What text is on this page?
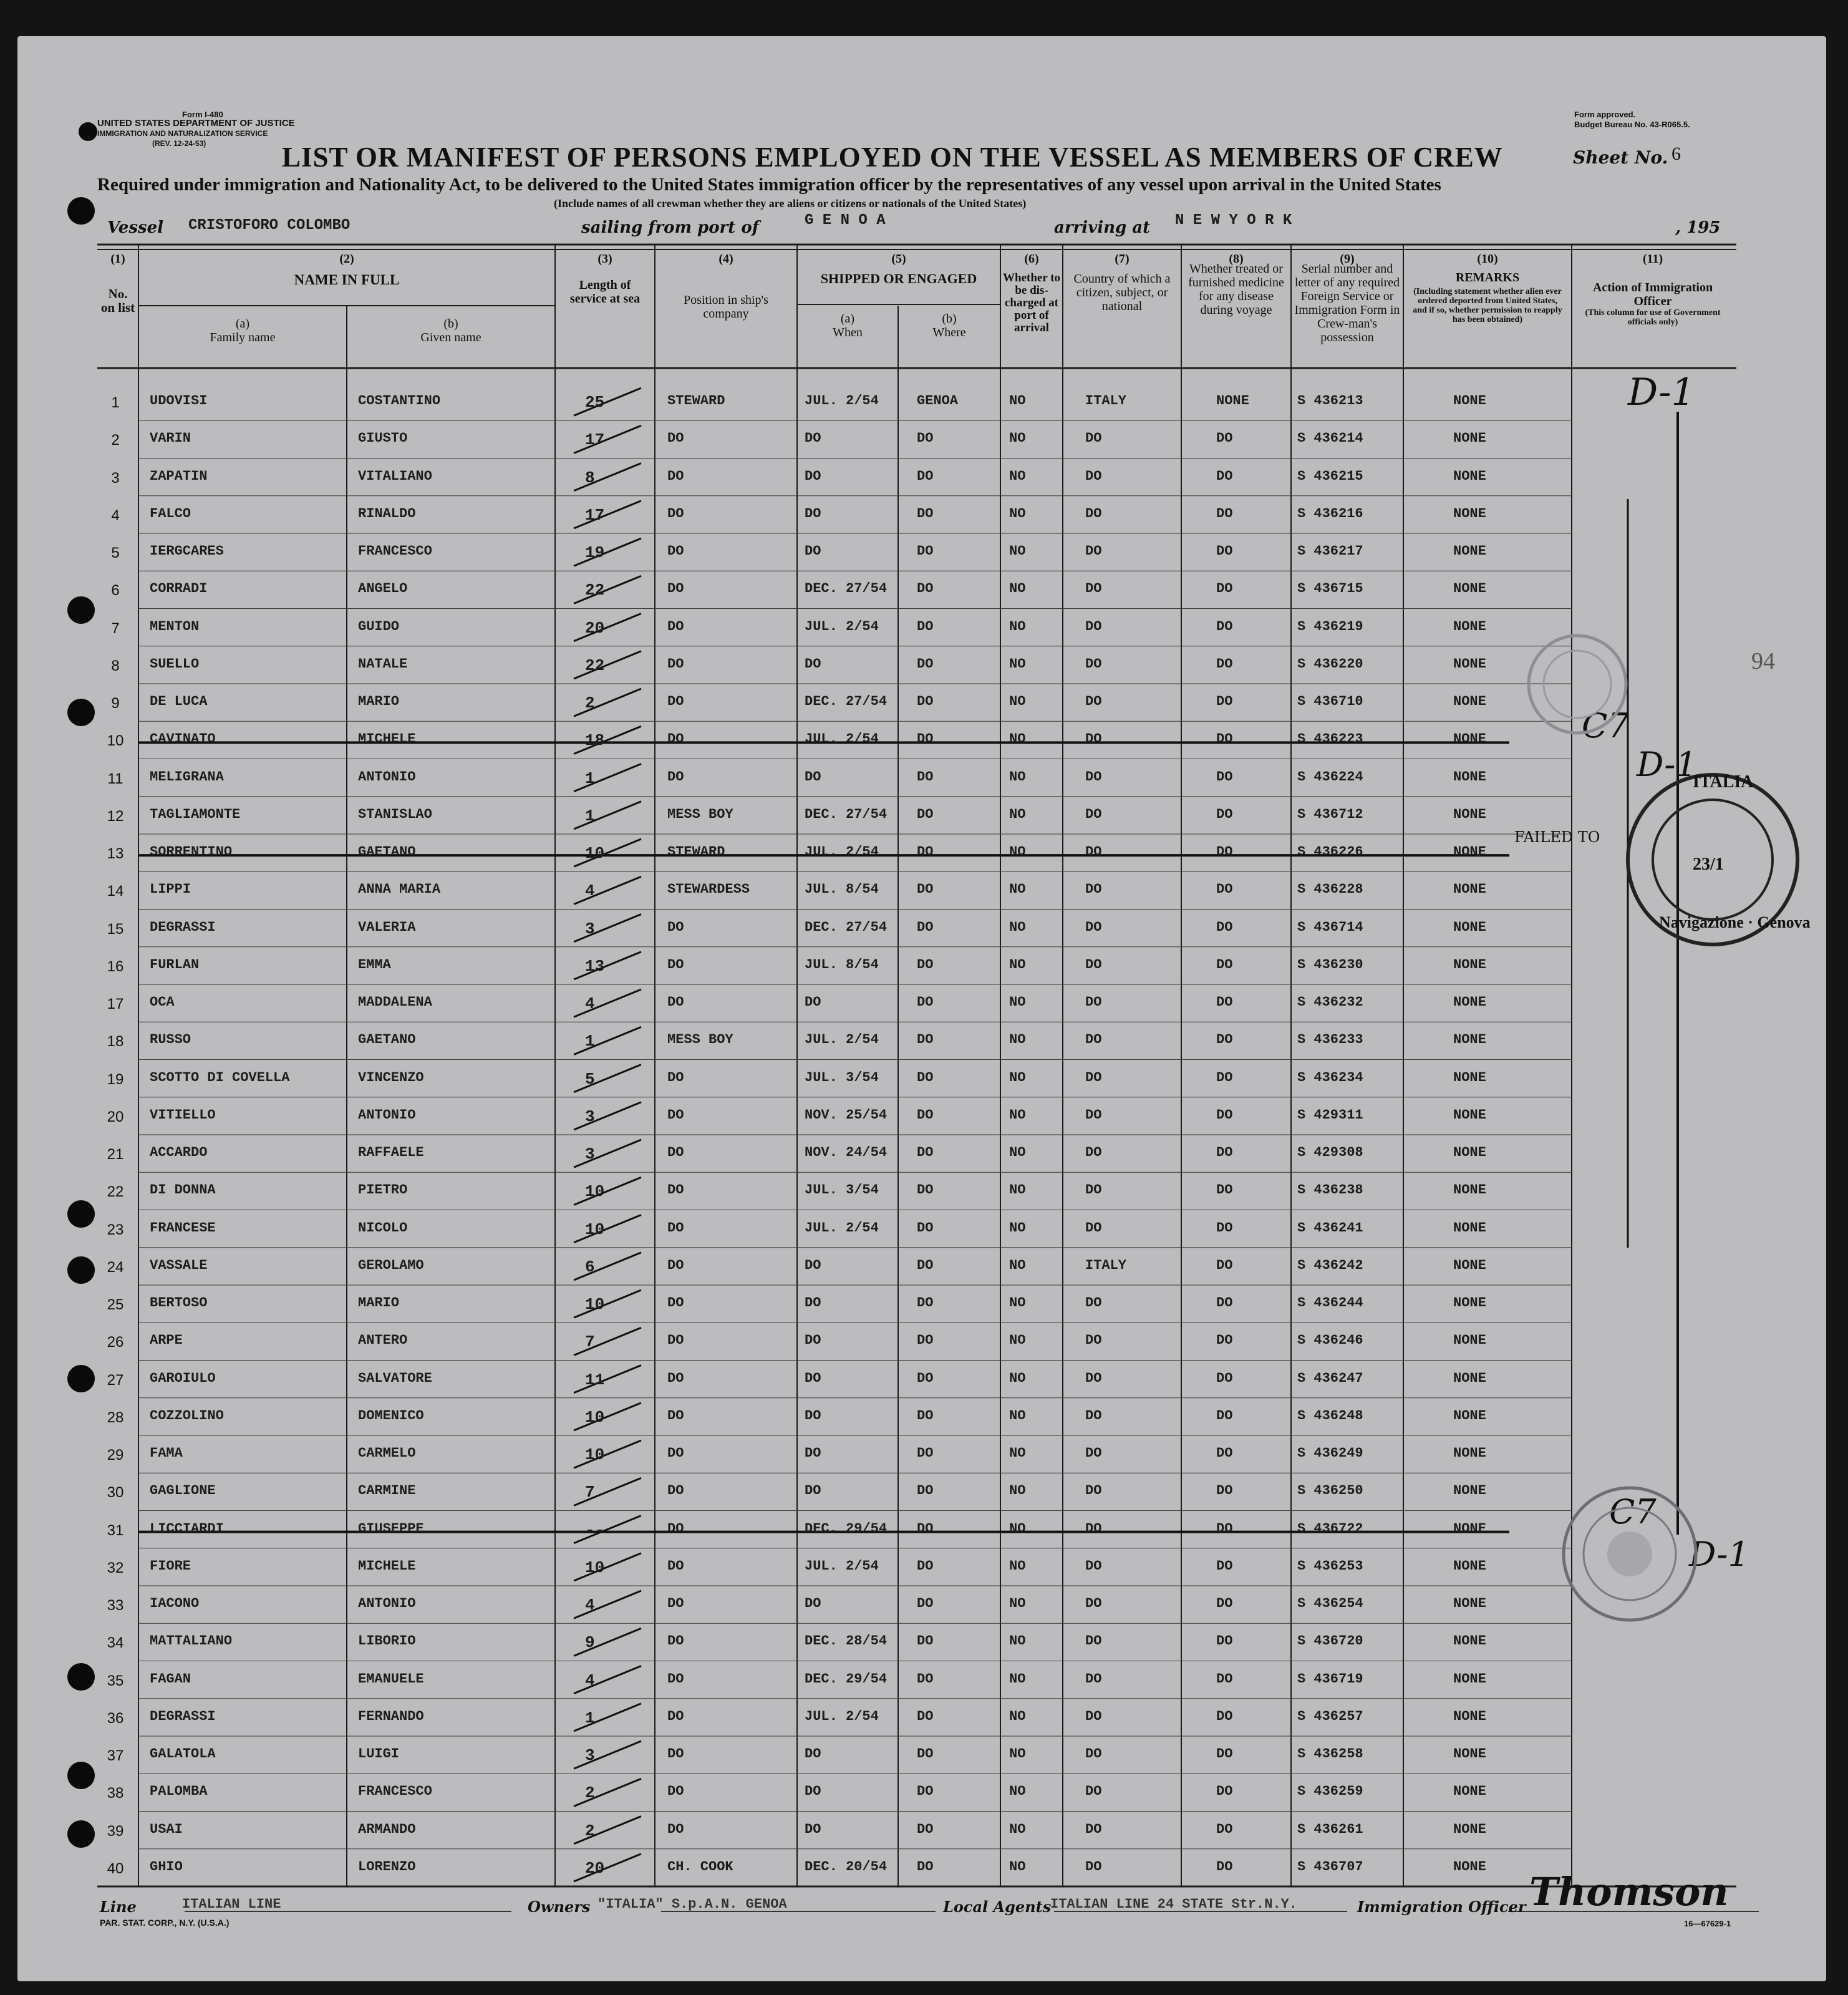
Form I-480
UNITED STATES DEPARTMENT OF JUSTICE
IMMIGRATION AND NATURALIZATION SERVICE
(REV. 12-24-53)
Form approved.
Budget Bureau No. 43-R065.5.
LIST OR MANIFEST OF PERSONS EMPLOYED ON THE VESSEL AS MEMBERS OF CREW	Sheet No. 6
Required under immigration and Nationality Act, to be delivered to the United States immigration officer by the representatives of any vessel upon arrival in the United States
(Include names of all crewman whether they are aliens or citizens or nationals of the United States)
Vessel CRISTOFORO COLOMBO	sailing from port of	G E N O A	arriving at N E W Y O R K	, 195
(1)
No. on list
(2)
NAME IN FULL
(a)
Family name
(b)
Given name
(3)
Length of service at sea
(4)
Position in ship's company
(5)
SHIPPED OR ENGAGED
(a)
When
(b)
Where
(6)
Whether to be dis-charged at port of arrival
(7)
Country of which a citizen, subject, or national
(8)
Whether treated or furnished medicine for any disease during voyage
(9)
Serial number and letter of any required Foreign Service or Immigration Form in Crew-man's possession
(10)
REMARKS
(Including statement whether alien ever ordered deported from United States, and if so, whether permission to reapply has been obtained)
(11)
Action of Immigration Officer
(This column for use of Government officials only)
1	UDOVISI	COSTANTINO	25	STEWARD	JUL. 2/54	GENOA	NO	ITALY	NONE	S 436213	NONE
2	VARIN	GIUSTO	17	DO	DO	DO	NO	DO	DO	S 436214	NONE
3	ZAPATIN	VITALIANO	8	DO	DO	DO	NO	DO	DO	S 436215	NONE
4	FALCO	RINALDO	17	DO	DO	DO	NO	DO	DO	S 436216	NONE
5	IERGCARES	FRANCESCO	19	DO	DO	DO	NO	DO	DO	S 436217	NONE
6	CORRADI	ANGELO	22	DO	DEC. 27/54 DO	NO	DO	DO	S 436715	NONE
7	MENTON	GUIDO	20	DO	JUL. 2/54	DO	NO	DO	DO	S 436219	NONE
8	SUELLO	NATALE	22	DO	DO	DO	NO	DO	DO	S 436220	NONE
9	DE LUCA	MARIO	2	DO	DEC. 27/54 DO	NO	DO	DO	S 436710	NONE
10	CAVINATO	MICHELE	18	DO	JUL. 2/54	DO	NO	DO	DO	S 436223	NONE
11	MELIGRANA	ANTONIO	1	DO	DO	DO	NO	DO	DO	S 436224	NONE
12	TAGLIAMONTE	STANISLAO	1	MESS BOY	DEC. 27/54 DO	NO	DO	DO	S 436712	NONE
13	SORRENTINO	GAETANO	10	STEWARD	JUL. 2/54	DO	NO	DO	DO	S 436226	NONE
14	LIPPI	ANNA MARIA	4	STEWARDESS	JUL. 8/54	DO	NO	DO	DO	S 436228	NONE
15	DEGRASSI	VALERIA	3	DO	DEC. 27/54 DO	NO	DO	DO	S 436714	NONE
16	FURLAN	EMMA	13	DO	JUL. 8/54	DO	NO	DO	DO	S 436230	NONE
17	OCA	MADDALENA	4	DO	DO	DO	NO	DO	DO	S 436232	NONE
18	RUSSO	GAETANO	1	MESS BOY	JUL. 2/54	DO	NO	DO	DO	S 436233	NONE
19	SCOTTO DI COVELLA	VINCENZO	5	DO	JUL. 3/54	DO	NO	DO	DO	S 436234	NONE
20	VITIELLO	ANTONIO	3	DO	NOV. 25/54 DO	NO	DO	DO	S 429311	NONE
21	ACCARDO	RAFFAELE	3	DO	NOV. 24/54 DO	NO	DO	DO	S 429308	NONE
22	DI DONNA	PIETRO	10	DO	JUL. 3/54	DO	NO	DO	DO	S 436238	NONE
23	FRANCESE	NICOLO	10	DO	JUL. 2/54	DO	NO	DO	DO	S 436241	NONE
24	VASSALE	GEROLAMO	6	DO	DO	DO	NO	ITALY	DO	S 436242	NONE
25	BERTOSO	MARIO	10	DO	DO	DO	NO	DO	DO	S 436244	NONE
26	ARPE	ANTERO	7	DO	DO	DO	NO	DO	DO	S 436246	NONE
27	GAROIULO	SALVATORE	11	DO	DO	DO	NO	DO	DO	S 436247	NONE
28	COZZOLINO	DOMENICO	10	DO	DO	DO	NO	DO	DO	S 436248	NONE
29	FAMA	CARMELO	10	DO	DO	DO	NO	DO	DO	S 436249	NONE
30	GAGLIONE	CARMINE	7	DO	DO	DO	NO	DO	DO	S 436250	NONE
31	LICCIARDI	GIUSEPPE	--	DO	DEC. 29/54 DO	NO	DO	DO	S 436722	NONE
32	FIORE	MICHELE	10	DO	JUL. 2/54	DO	NO	DO	DO	S 436253	NONE
33	IACONO	ANTONIO	4	DO	DO	DO	NO	DO	DO	S 436254	NONE
34	MATTALIANO	LIBORIO	9	DO	DEC. 28/54 DO	NO	DO	DO	S 436720	NONE
35	FAGAN	EMANUELE	4	DO	DEC. 29/54 DO	NO	DO	DO	S 436719	NONE
36	DEGRASSI	FERNANDO	1	DO	JUL. 2/54	DO	NO	DO	DO	S 436257	NONE
37	GALATOLA	LUIGI	3	DO	DO	DO	NO	DO	DO	S 436258	NONE
38	PALOMBA	FRANCESCO	2	DO	DO	DO	NO	DO	DO	S 436259	NONE
39	USAI	ARMANDO	2	DO	DO	DO	NO	DO	DO	S 436261	NONE
40	GHIO	LORENZO	20	CH. COOK	DEC. 20/54 DO	NO	DO	DO	S 436707	NONE
D-1
D-1
D-1
FAILED TO
94
C7
C7
ITALIA
23/1
Navigazione · Genova
Line	ITALIAN LINE	Owners "ITALIA" S.p.A.N. GENOA	Local Agents
ITALIAN LINE 24 STATE Str.N.Y.	Immigration Officer Thomson
PAR. STAT. CORP., N.Y. (U.S.A.)	16—67629-1
